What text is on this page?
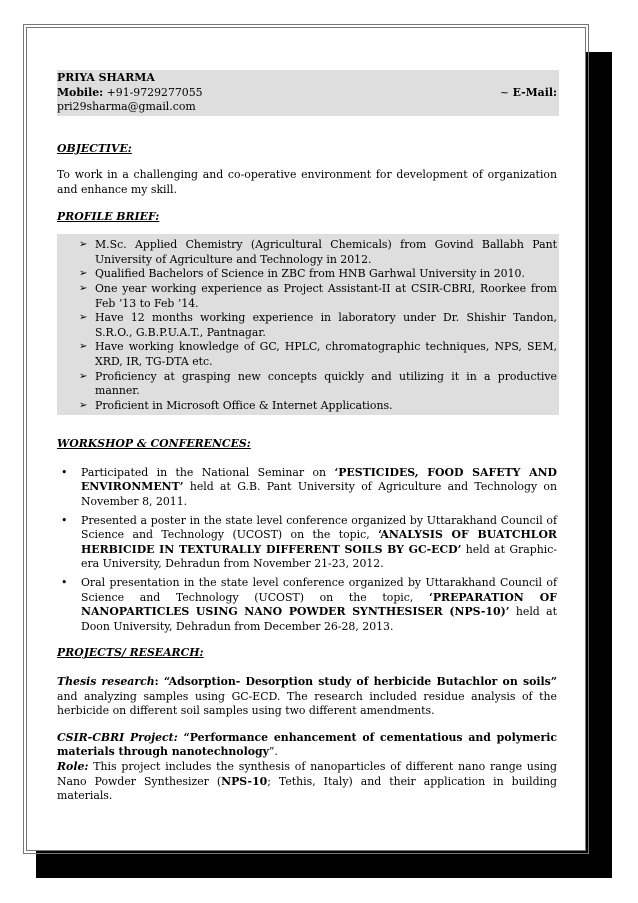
PRIYA SHARMA
Mobile: +91-9729277055	~ E-Mail:
pri29sharma@gmail.com

OBJECTIVE:

To work in a challenging and co-operative environment for development of organization and enhance my skill.

PROFILE BRIEF:

➢ M.Sc. Applied Chemistry (Agricultural Chemicals) from Govind Ballabh Pant University of Agriculture and Technology in 2012.
➢ Qualified Bachelors of Science in ZBC from HNB Garhwal University in 2010.
➢ One year working experience as Project Assistant-II at CSIR-CBRI, Roorkee from Feb ’13 to Feb ’14.
➢ Have 12 months working experience in laboratory under Dr. Shishir Tandon, S.R.O., G.B.P.U.A.T., Pantnagar.
➢ Have working knowledge of GC, HPLC, chromatographic techniques, NPS, SEM, XRD, IR, TG-DTA etc.
➢ Proficiency at grasping new concepts quickly and utilizing it in a productive manner.
➢ Proficient in Microsoft Office & Internet Applications.

WORKSHOP & CONFERENCES:

• Participated in the National Seminar on ‘PESTICIDES, FOOD SAFETY AND ENVIRONMENT’ held at G.B. Pant University of Agriculture and Technology on November 8, 2011.
• Presented a poster in the state level conference organized by Uttarakhand Council of Science and Technology (UCOST) on the topic, ‘ANALYSIS OF BUATCHLOR HERBICIDE IN TEXTURALLY DIFFERENT SOILS BY GC-ECD’ held at Graphic-era University, Dehradun from November 21-23, 2012.
• Oral presentation in the state level conference organized by Uttarakhand Council of Science and Technology (UCOST) on the topic, ‘PREPARATION OF NANOPARTICLES USING NANO POWDER SYNTHESISER (NPS-10)’ held at Doon University, Dehradun from December 26-28, 2013.

PROJECTS/ RESEARCH:

Thesis research: “Adsorption- Desorption study of herbicide Butachlor on soils” and analyzing samples using GC-ECD. The research included residue analysis of the herbicide on different soil samples using two different amendments.

CSIR-CBRI Project: “Performance enhancement of cementatious and polymeric materials through nanotechnology”.

Role: This project includes the synthesis of nanoparticles of different nano range using Nano Powder Synthesizer (NPS-10; Tethis, Italy) and their application in building materials.
